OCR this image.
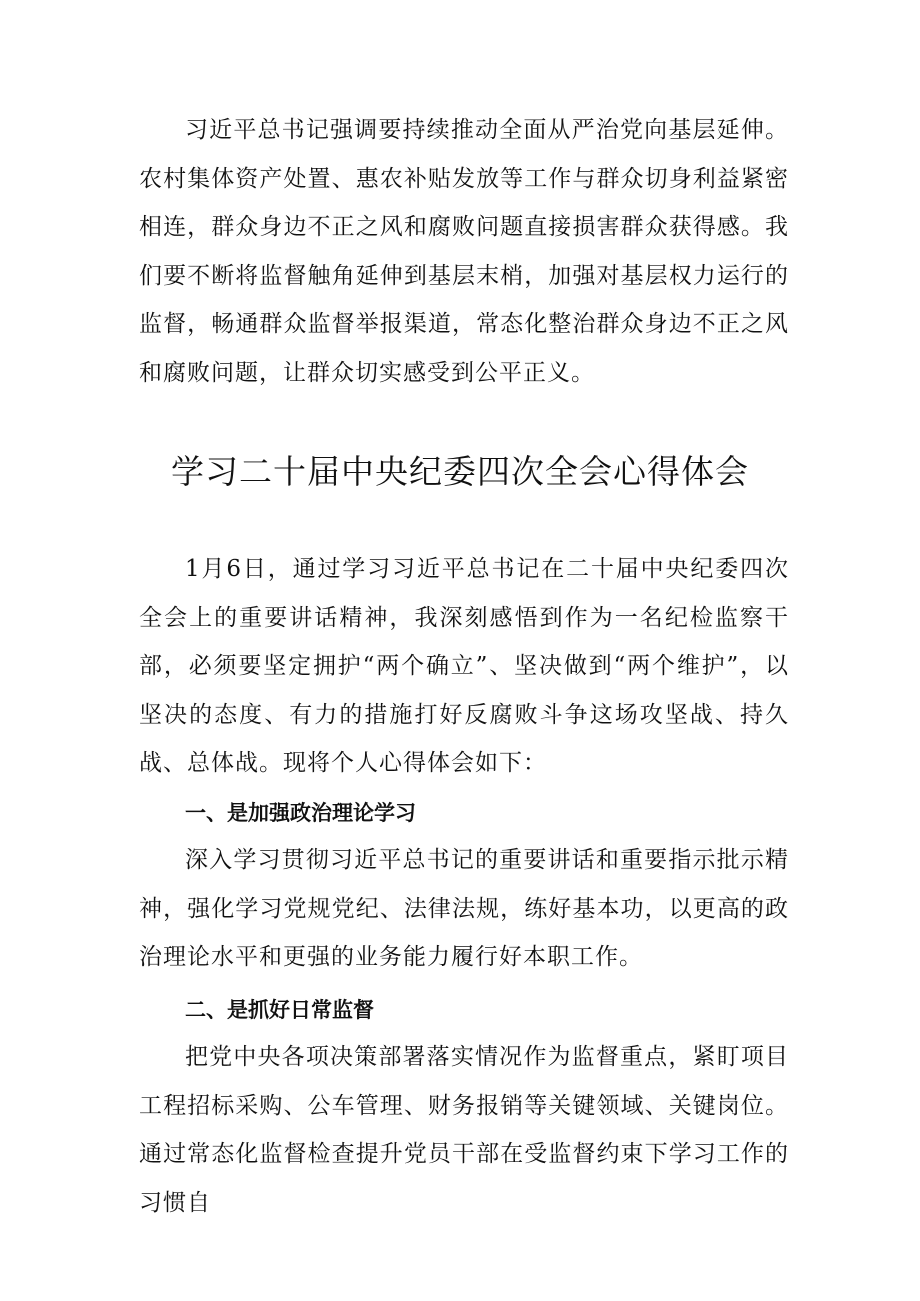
习近平总书记强调要持续推动全面从严治党向基层延伸。农村集体资产处置、惠农补贴发放等工作与群众切身利益紧密相连，群众身边不正之风和腐败问题直接损害群众获得感。我们要不断将监督触角延伸到基层末梢，加强对基层权力运行的监督，畅通群众监督举报渠道，常态化整治群众身边不正之风和腐败问题，让群众切实感受到公平正义。

学习二十届中央纪委四次全会心得体会

1月6日，通过学习习近平总书记在二十届中央纪委四次全会上的重要讲话精神，我深刻感悟到作为一名纪检监察干部，必须要坚定拥护“两个确立”、坚决做到“两个维护”，以坚决的态度、有力的措施打好反腐败斗争这场攻坚战、持久战、总体战。现将个人心得体会如下：

一、是加强政治理论学习

深入学习贯彻习近平总书记的重要讲话和重要指示批示精神，强化学习党规党纪、法律法规，练好基本功，以更高的政治理论水平和更强的业务能力履行好本职工作。

二、是抓好日常监督

把党中央各项决策部署落实情况作为监督重点，紧盯项目工程招标采购、公车管理、财务报销等关键领域、关键岗位。通过常态化监督检查提升党员干部在受监督约束下学习工作的习惯自
